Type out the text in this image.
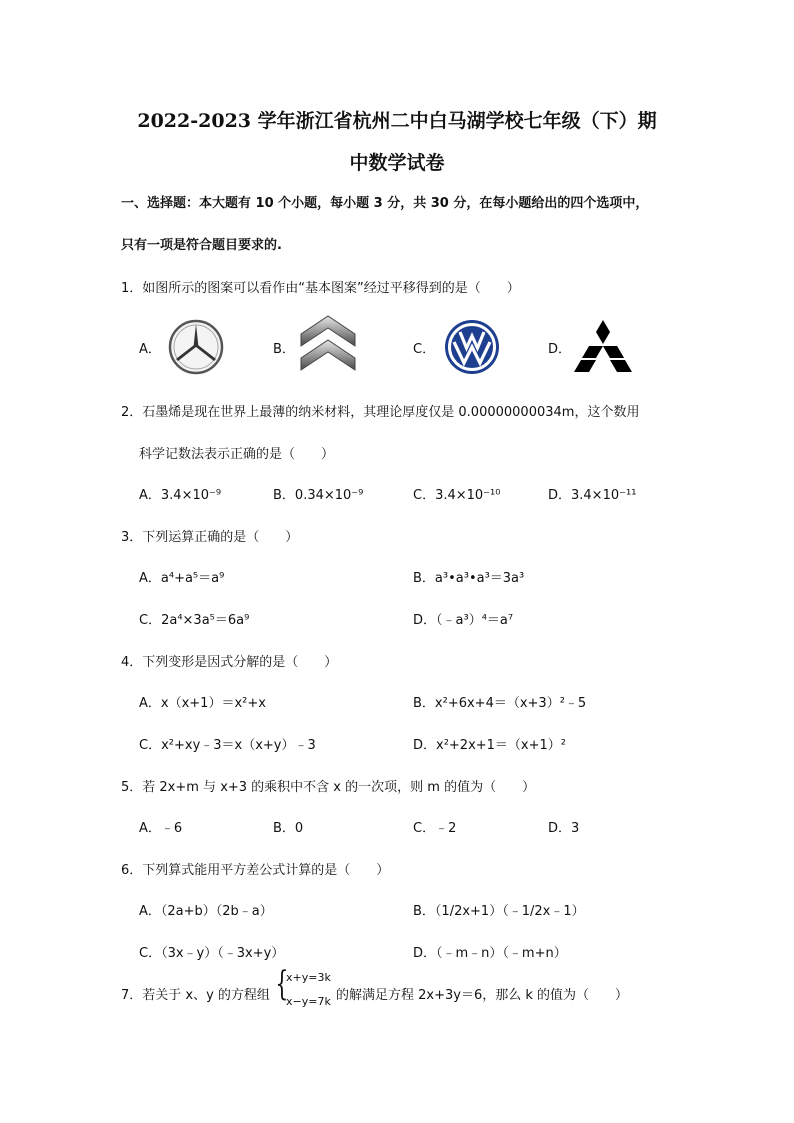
2022-2023 学年浙江省杭州二中白马湖学校七年级（下）期
中数学试卷
一、选择题：本大题有 10 个小题，每小题 3 分，共 30 分，在每小题给出的四个选项中，
只有一项是符合题目要求的.
1．如图所示的图案可以看作由“基本图案”经过平移得到的是（　　）
A．	B．	C．	D．
2．石墨烯是现在世界上最薄的纳米材料，其理论厚度仅是 0.00000000034m，这个数用
科学记数法表示正确的是（　　）
A．3.4×10⁻⁹	B．0.34×10⁻⁹	C．3.4×10⁻¹⁰	D．3.4×10⁻¹¹
3．下列运算正确的是（　　）
A．a⁴+a⁵＝a⁹	B．a³•a³•a³＝3a³
C．2a⁴×3a⁵＝6a⁹	D．（﹣a³）⁴＝a⁷
4．下列变形是因式分解的是（　　）
A．x（x+1）＝x²+x	B．x²+6x+4＝（x+3）²﹣5
C．x²+xy﹣3＝x（x+y）﹣3	D．x²+2x+1＝（x+1）²
5．若 2x+m 与 x+3 的乘积中不含 x 的一次项，则 m 的值为（　　）
A．﹣6	B．0	C．﹣2	D．3
6．下列算式能用平方差公式计算的是（　　）
A．（2a+b）（2b﹣a）	B．（1/2x+1）（﹣1/2x﹣1）
C．（3x﹣y）（﹣3x+y）	D．（﹣m﹣n）（﹣m+n）
7．若关于 x、y 的方程组 {
x+y=3k
x−y=7k 的解满足方程 2x+3y＝6，那么 k 的值为（　　）
